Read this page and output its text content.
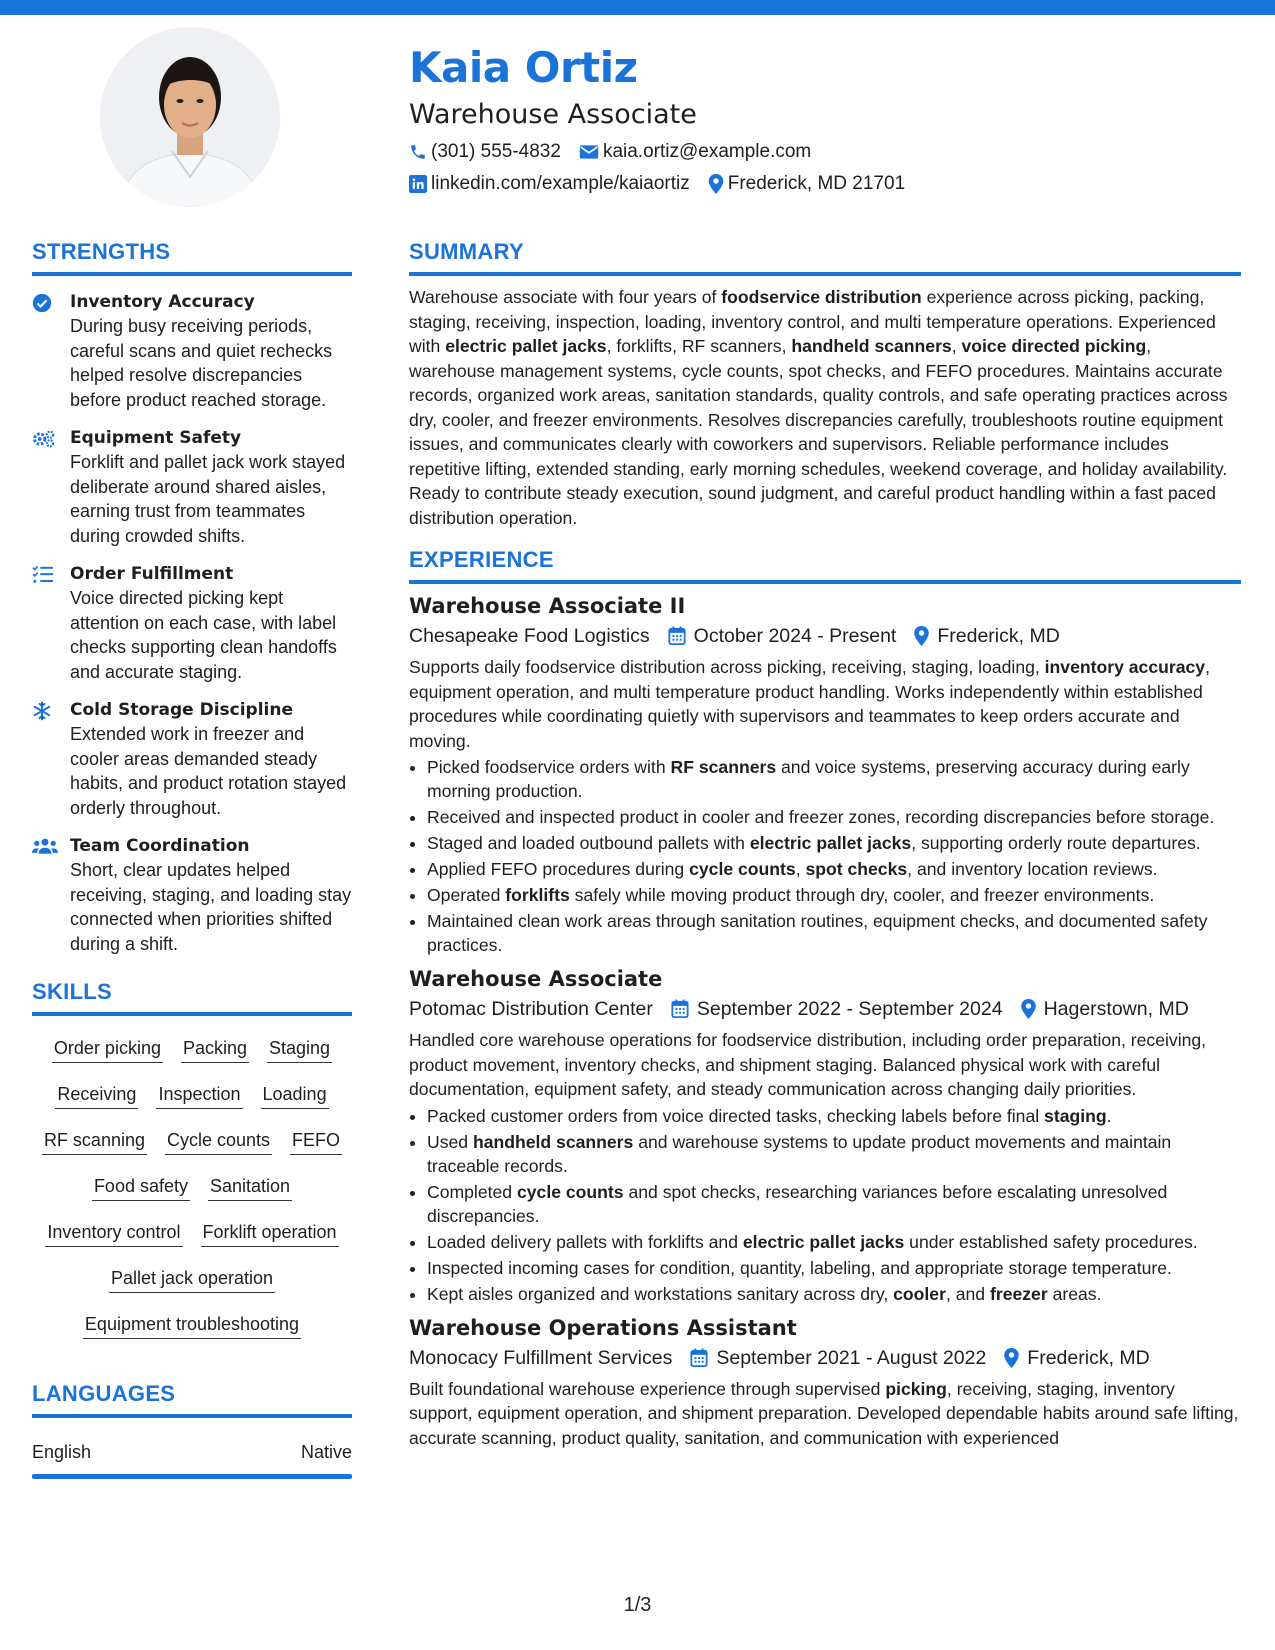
Kaia Ortiz
Warehouse Associate
(301) 555-4832 kaia.ortiz@example.com
linkedin.com/example/kaiaortiz Frederick, MD 21701
STRENGTHS
Inventory Accuracy
During busy receiving periods, careful scans and quiet rechecks helped resolve discrepancies before product reached storage.
Equipment Safety
Forklift and pallet jack work stayed deliberate around shared aisles, earning trust from teammates during crowded shifts.
Order Fulfillment
Voice directed picking kept attention on each case, with label checks supporting clean handoffs and accurate staging.
Cold Storage Discipline
Extended work in freezer and cooler areas demanded steady habits, and product rotation stayed orderly throughout.
Team Coordination
Short, clear updates helped receiving, staging, and loading stay connected when priorities shifted during a shift.
SKILLS
Order picking Packing Staging
Receiving Inspection Loading
RF scanning Cycle counts FEFO
Food safety Sanitation
Inventory control Forklift operation
Pallet jack operation
Equipment troubleshooting
LANGUAGES
English	Native
SUMMARY
Warehouse associate with four years of foodservice distribution experience across picking, packing, staging, receiving, inspection, loading, inventory control, and multi temperature operations. Experienced with electric pallet jacks, forklifts, RF scanners, handheld scanners, voice directed picking, warehouse management systems, cycle counts, spot checks, and FEFO procedures. Maintains accurate records, organized work areas, sanitation standards, quality controls, and safe operating practices across dry, cooler, and freezer environments. Resolves discrepancies carefully, troubleshoots routine equipment issues, and communicates clearly with coworkers and supervisors. Reliable performance includes repetitive lifting, extended standing, early morning schedules, weekend coverage, and holiday availability. Ready to contribute steady execution, sound judgment, and careful product handling within a fast paced distribution operation.
EXPERIENCE
Warehouse Associate II
Chesapeake Food Logistics October 2024 - Present Frederick, MD
Supports daily foodservice distribution across picking, receiving, staging, loading, inventory accuracy, equipment operation, and multi temperature product handling. Works independently within established procedures while coordinating quietly with supervisors and teammates to keep orders accurate and moving.
• Picked foodservice orders with RF scanners and voice systems, preserving accuracy during early morning production.
• Received and inspected product in cooler and freezer zones, recording discrepancies before storage.
• Staged and loaded outbound pallets with electric pallet jacks, supporting orderly route departures.
• Applied FEFO procedures during cycle counts, spot checks, and inventory location reviews.
• Operated forklifts safely while moving product through dry, cooler, and freezer environments.
• Maintained clean work areas through sanitation routines, equipment checks, and documented safety practices.
Warehouse Associate
Potomac Distribution Center September 2022 - September 2024 Hagerstown, MD
Handled core warehouse operations for foodservice distribution, including order preparation, receiving, product movement, inventory checks, and shipment staging. Balanced physical work with careful documentation, equipment safety, and steady communication across changing daily priorities.
• Packed customer orders from voice directed tasks, checking labels before final staging.
• Used handheld scanners and warehouse systems to update product movements and maintain traceable records.
• Completed cycle counts and spot checks, researching variances before escalating unresolved discrepancies.
• Loaded delivery pallets with forklifts and electric pallet jacks under established safety procedures.
• Inspected incoming cases for condition, quantity, labeling, and appropriate storage temperature.
• Kept aisles organized and workstations sanitary across dry, cooler, and freezer areas.
Warehouse Operations Assistant
Monocacy Fulfillment Services September 2021 - August 2022 Frederick, MD
Built foundational warehouse experience through supervised picking, receiving, staging, inventory support, equipment operation, and shipment preparation. Developed dependable habits around safe lifting, accurate scanning, product quality, sanitation, and communication with experienced
1/3
